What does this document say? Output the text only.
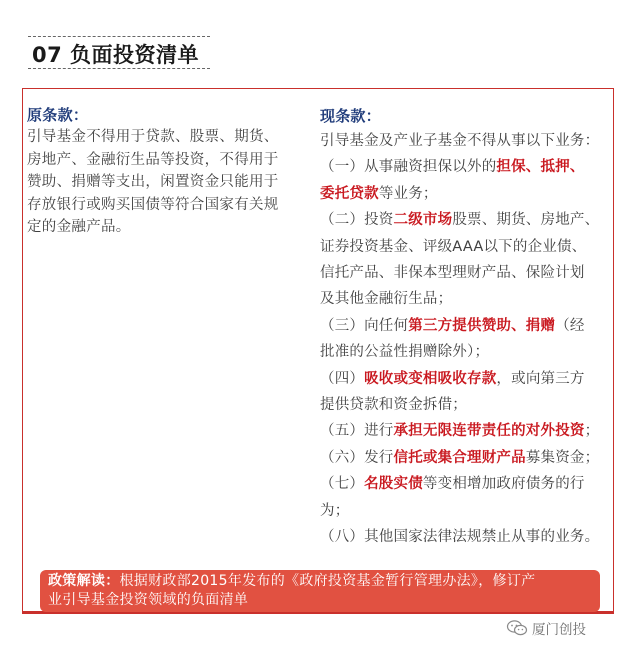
07 负面投资清单
原条款：
引导基金不得用于贷款、股票、期货、
房地产、金融衍生品等投资，不得用于
赞助、捐赠等支出，闲置资金只能用于
存放银行或购买国债等符合国家有关规
定的金融产品。
现条款：
引导基金及产业子基金不得从事以下业务：
（一）从事融资担保以外的担保、抵押、
委托贷款等业务；
（二）投资二级市场股票、期货、房地产、
证券投资基金、评级AAA以下的企业债、
信托产品、非保本型理财产品、保险计划
及其他金融衍生品；
（三）向任何第三方提供赞助、捐赠（经
批准的公益性捐赠除外）；
（四）吸收或变相吸收存款，或向第三方
提供贷款和资金拆借；
（五）进行承担无限连带责任的对外投资；
（六）发行信托或集合理财产品募集资金；
（七）名股实债等变相增加政府债务的行
为；
（八）其他国家法律法规禁止从事的业务。
政策解读：根据财政部2015年发布的《政府投资基金暂行管理办法》，修订产
业引导基金投资领域的负面清单
厦门创投
